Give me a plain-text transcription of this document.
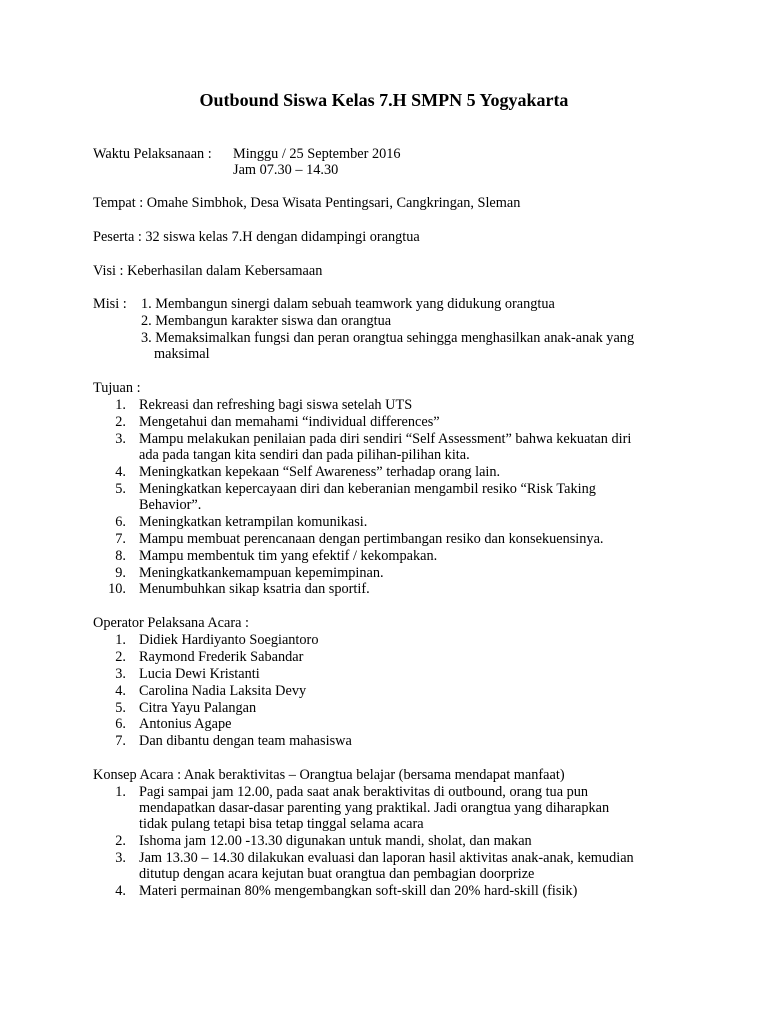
Outbound Siswa Kelas 7.H SMPN 5 Yogyakarta
Waktu Pelaksanaan : Minggu / 25 September 2016
Jam 07.30 – 14.30
Tempat : Omahe Simbhok, Desa Wisata Pentingsari, Cangkringan, Sleman
Peserta : 32 siswa kelas 7.H dengan didampingi orangtua
Visi : Keberhasilan dalam Kebersamaan
Misi : 1. Membangun sinergi dalam sebuah teamwork yang didukung orangtua
2. Membangun karakter siswa dan orangtua
3. Memaksimalkan fungsi dan peran orangtua sehingga menghasilkan anak-anak yang
maksimal
Tujuan :
1. Rekreasi dan refreshing bagi siswa setelah UTS
2. Mengetahui dan memahami “individual differences”
3. Mampu melakukan penilaian pada diri sendiri “Self Assessment” bahwa kekuatan diri
ada pada tangan kita sendiri dan pada pilihan-pilihan kita.
4. Meningkatkan kepekaan “Self Awareness” terhadap orang lain.
5. Meningkatkan kepercayaan diri dan keberanian mengambil resiko “Risk Taking
Behavior”.
6. Meningkatkan ketrampilan komunikasi.
7. Mampu membuat perencanaan dengan pertimbangan resiko dan konsekuensinya.
8. Mampu membentuk tim yang efektif / kekompakan.
9. Meningkatkankemampuan kepemimpinan.
10. Menumbuhkan sikap ksatria dan sportif.
Operator Pelaksana Acara :
1. Didiek Hardiyanto Soegiantoro
2. Raymond Frederik Sabandar
3. Lucia Dewi Kristanti
4. Carolina Nadia Laksita Devy
5. Citra Yayu Palangan
6. Antonius Agape
7. Dan dibantu dengan team mahasiswa
Konsep Acara : Anak beraktivitas – Orangtua belajar (bersama mendapat manfaat)
1. Pagi sampai jam 12.00, pada saat anak beraktivitas di outbound, orang tua pun
mendapatkan dasar-dasar parenting yang praktikal. Jadi orangtua yang diharapkan
tidak pulang tetapi bisa tetap tinggal selama acara
2. Ishoma jam 12.00 -13.30 digunakan untuk mandi, sholat, dan makan
3. Jam 13.30 – 14.30 dilakukan evaluasi dan laporan hasil aktivitas anak-anak, kemudian
ditutup dengan acara kejutan buat orangtua dan pembagian doorprize
4. Materi permainan 80% mengembangkan soft-skill dan 20% hard-skill (fisik)
